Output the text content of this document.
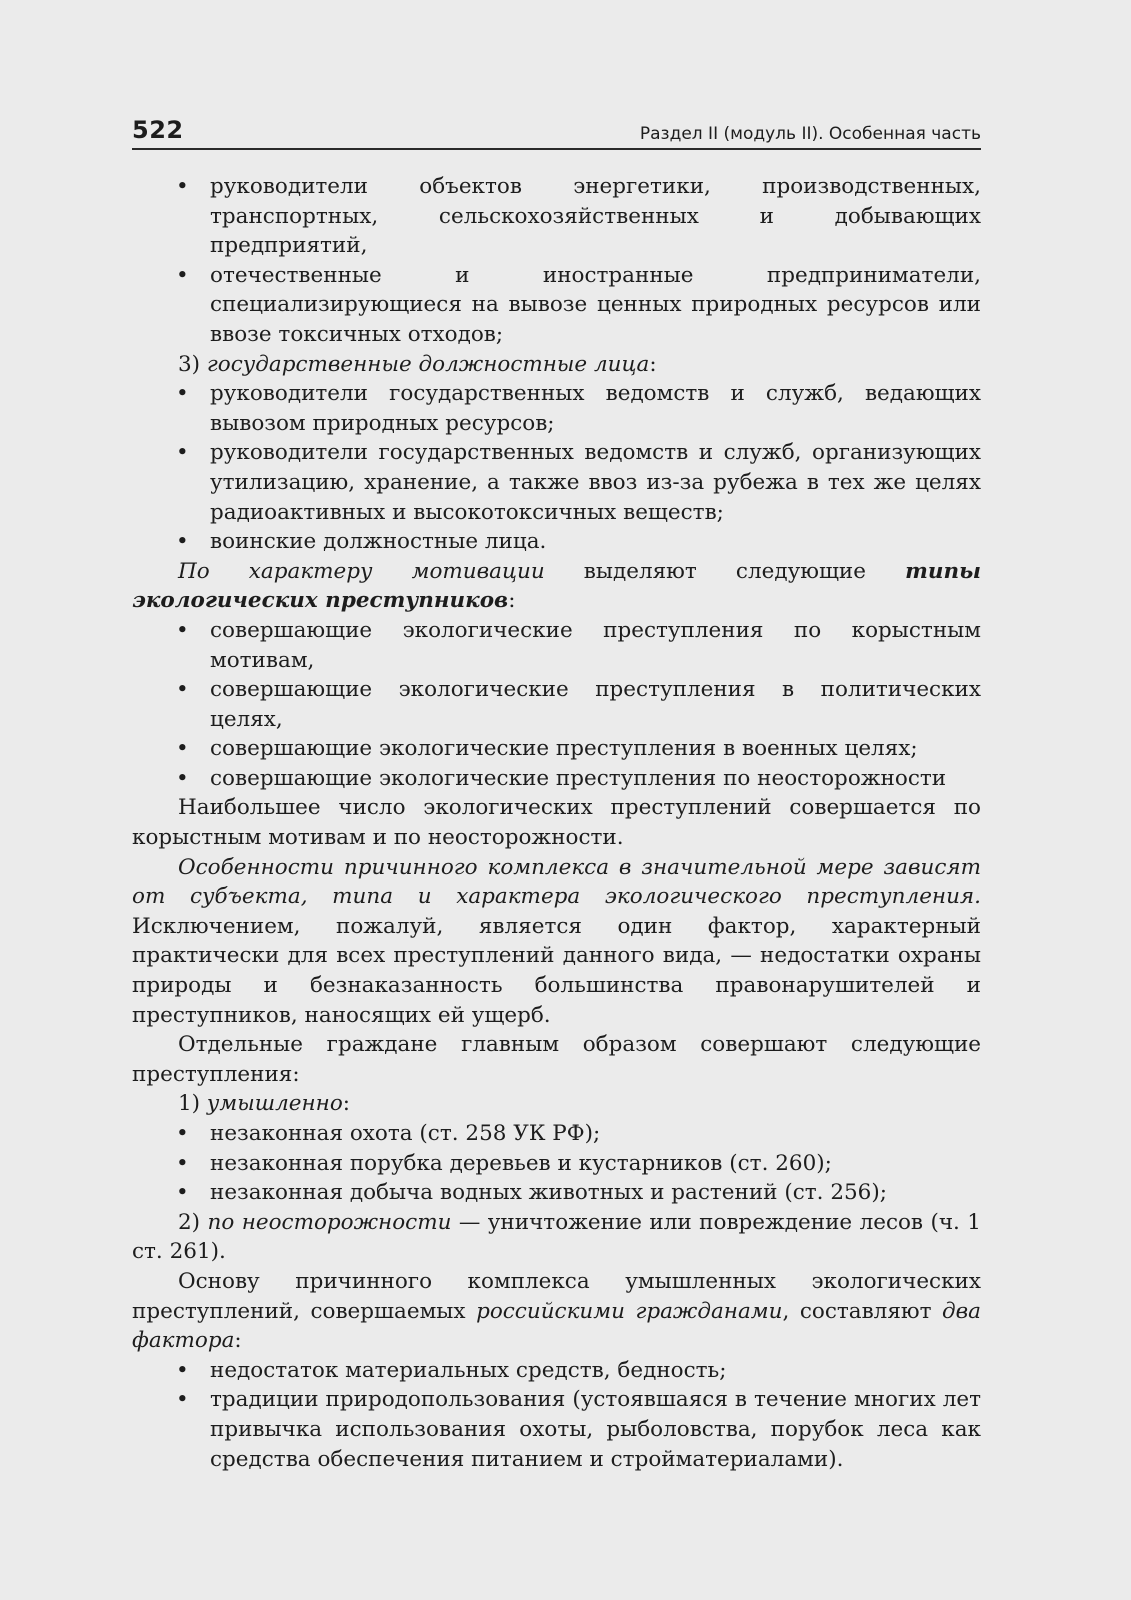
522	Раздел II (модуль II). Особенная часть
• руководители объектов энергетики, производственных, транспортных, сельскохозяйственных и добывающих предприятий,
• отечественные и иностранные предприниматели, специализирующиеся на вывозе ценных природных ресурсов или ввозе токсичных отходов;

3) государственные должностные лица:

• руководители государственных ведомств и служб, ведающих вывозом природных ресурсов;
• руководители государственных ведомств и служб, организующих утилизацию, хранение, а также ввоз из-за рубежа в тех же целях радиоактивных и высокотоксичных веществ;
• воинские должностные лица.

По характеру мотивации выделяют следующие типы экологических преступников:

• совершающие экологические преступления по корыстным мотивам,
• совершающие экологические преступления в политических целях,
• совершающие экологические преступления в военных целях;
• совершающие экологические преступления по неосторожности

Наибольшее число экологических преступлений совершается по корыстным мотивам и по неосторожности.

Особенности причинного комплекса в значительной мере зависят от субъекта, типа и характера экологического преступления. Исключением, пожалуй, является один фактор, характерный практически для всех преступлений данного вида, — недостатки охраны природы и безнаказанность большинства правонарушителей и преступников, наносящих ей ущерб.

Отдельные граждане главным образом совершают следующие преступления:

1) умышленно:

• незаконная охота (ст. 258 УК РФ);
• незаконная порубка деревьев и кустарников (ст. 260);
• незаконная добыча водных животных и растений (ст. 256);

2) по неосторожности — уничтожение или повреждение лесов (ч. 1 ст. 261).

Основу причинного комплекса умышленных экологических преступлений, совершаемых российскими гражданами, составляют два фактора:

• недостаток материальных средств, бедность;
• традиции природопользования (устоявшаяся в течение многих лет привычка использования охоты, рыболовства, порубок леса как средства обеспечения питанием и стройматериалами).
